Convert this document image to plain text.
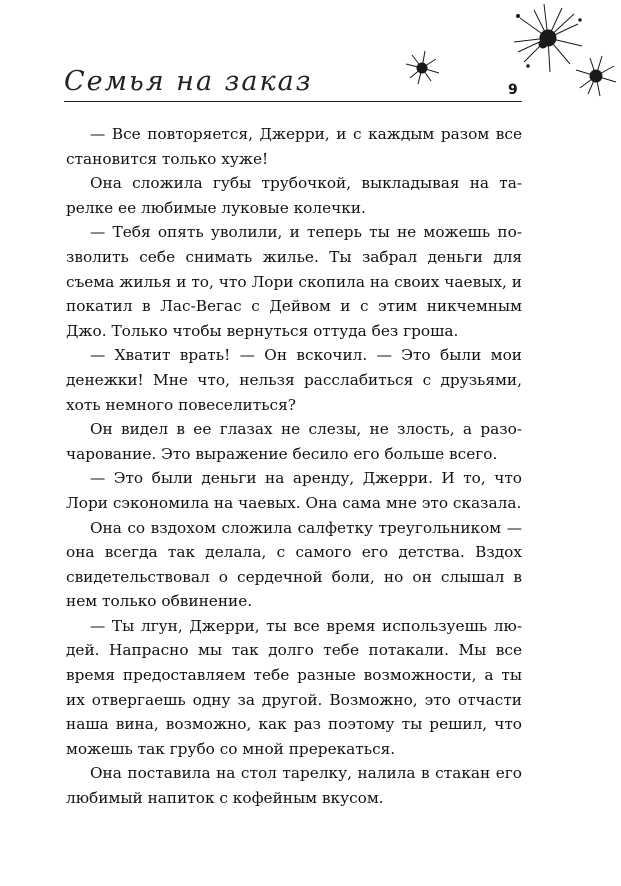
Семья на заказ	9

— Все повторяется, Джерри, и с каждым разом все становится только хуже!

Она сложила губы трубочкой, выкладывая на тарелке ее любимые луковые колечки.

— Тебя опять уволили, и теперь ты не можешь позволить себе снимать жилье. Ты забрал деньги для съема жилья и то, что Лори скопила на своих чаевых, и покатил в Лас-Вегас с Дейвом и с этим никчемным Джо. Только чтобы вернуться оттуда без гроша.

— Хватит врать! — Он вскочил. — Это были мои денежки! Мне что, нельзя расслабиться с друзьями, хоть немного повеселиться?

Он видел в ее глазах не слезы, не злость, а разочарование. Это выражение бесило его больше всего.

— Это были деньги на аренду, Джерри. И то, что Лори сэкономила на чаевых. Она сама мне это сказала.

Она со вздохом сложила салфетку треугольником — она всегда так делала, с самого его детства. Вздох свидетельствовал о сердечной боли, но он слышал в нем только обвинение.

— Ты лгун, Джерри, ты все время используешь людей. Напрасно мы так долго тебе потакали. Мы все время предоставляем тебе разные возможности, а ты их отвергаешь одну за другой. Возможно, это отчасти наша вина, возможно, как раз поэтому ты решил, что можешь так грубо со мной пререкаться.

Она поставила на стол тарелку, налила в стакан его любимый напиток с кофейным вкусом.
